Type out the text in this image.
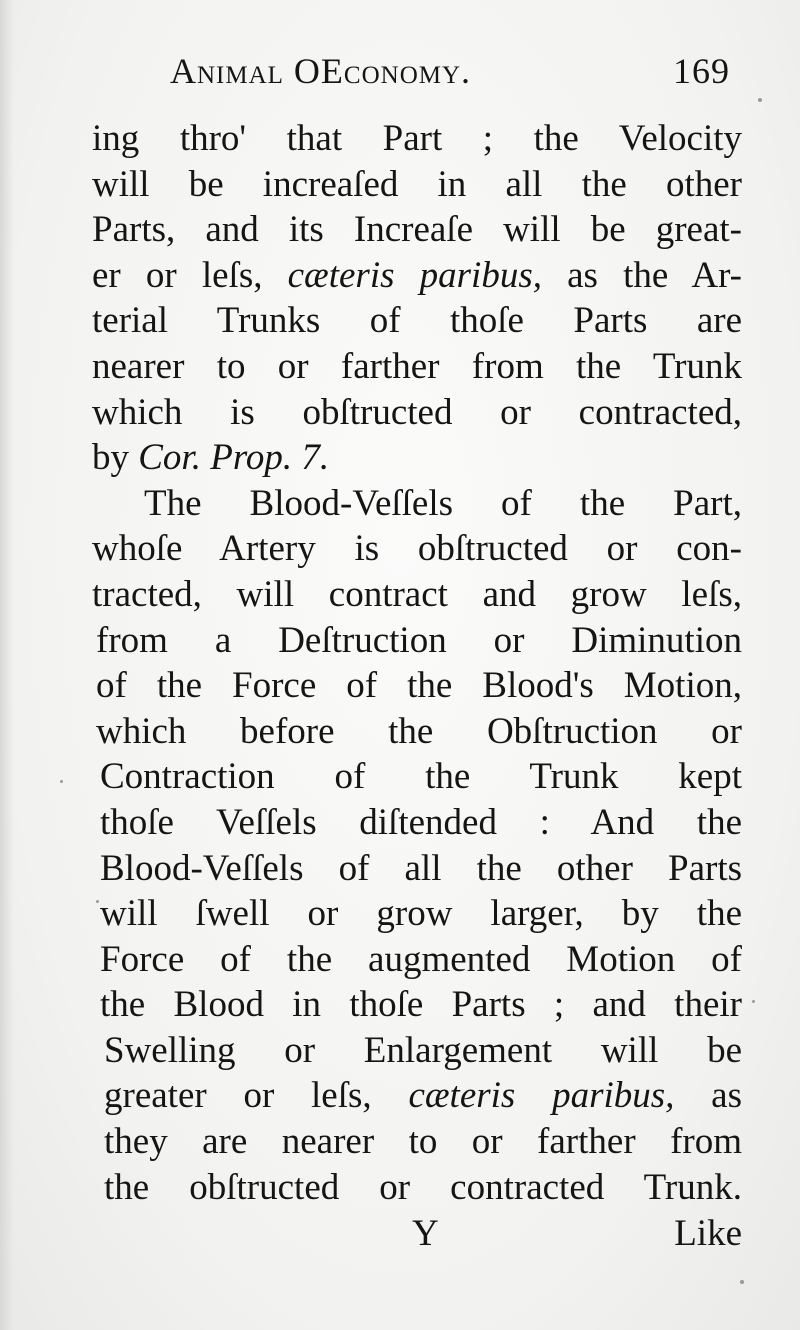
Animal OEconomy.	169
ing thro' that Part ; the Velocity
will be increaſed in all the other
Parts, and its Increaſe will be great-
er or leſs, cæteris paribus, as the Ar-
terial Trunks of thoſe Parts are
nearer to or farther from the Trunk
which is obſtructed or contracted,
by Cor. Prop. 7.
The Blood-Veſſels of the Part,
whoſe Artery is obſtructed or con-
tracted, will contract and grow leſs,
from a Deſtruction or Diminution
of the Force of the Blood's Motion,
which before the Obſtruction or
Contraction of the Trunk kept
thoſe Veſſels diſtended : And the
Blood-Veſſels of all the other Parts
will ſwell or grow larger, by the
Force of the augmented Motion of
the Blood in thoſe Parts ; and their
Swelling or Enlargement will be
greater or leſs, cæteris paribus, as
they are nearer to or farther from
the obſtructed or contracted Trunk.
Y	Like
